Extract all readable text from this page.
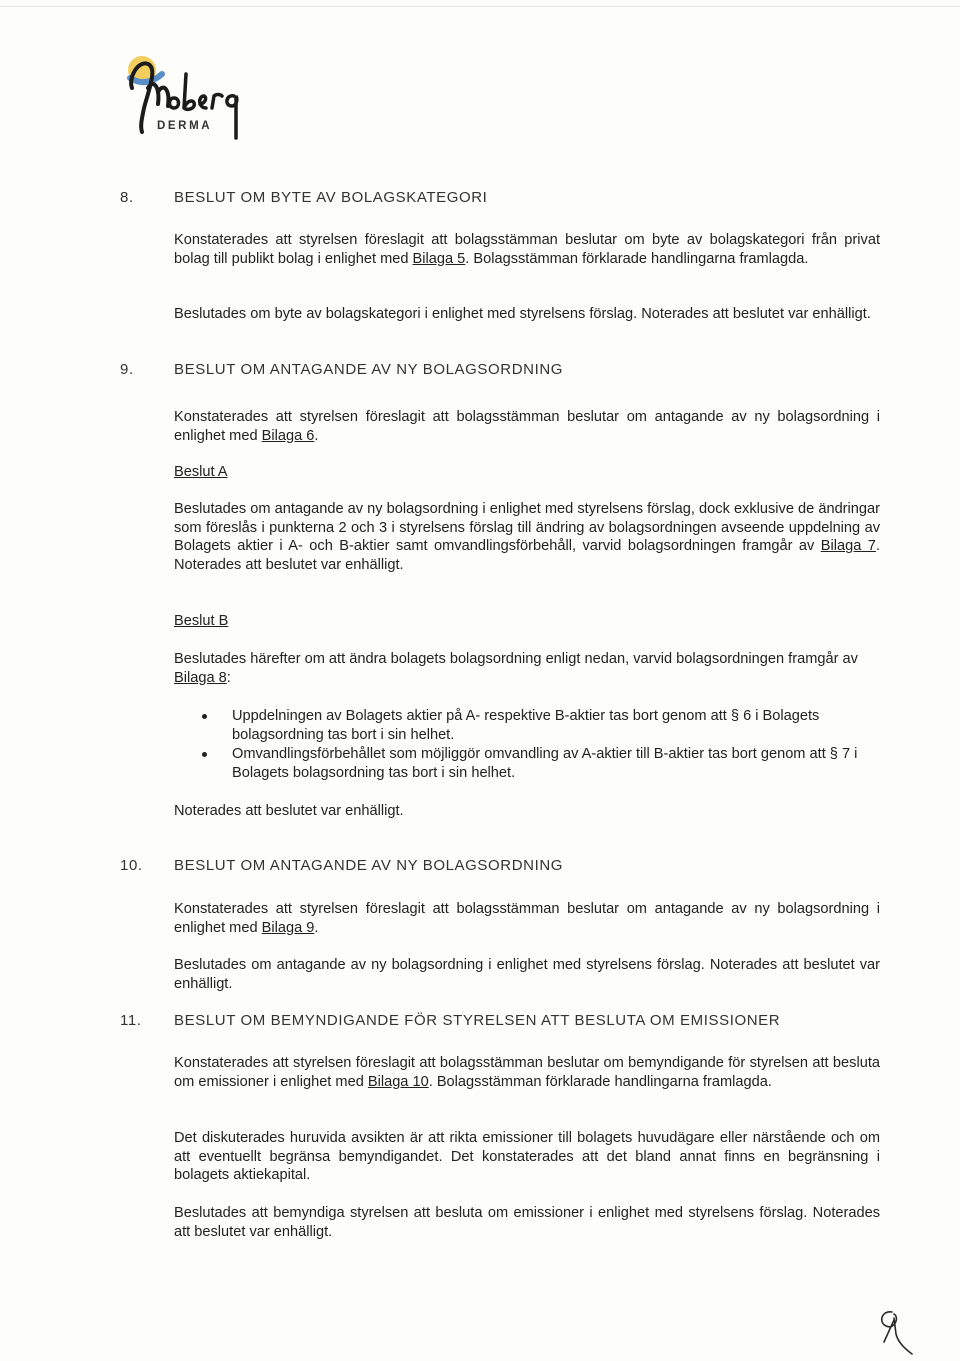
DERMA
8.	BESLUT OM BYTE AV BOLAGSKATEGORI

Konstaterades att styrelsen föreslagit att bolagsstämman beslutar om byte av bolagskategori från privat bolag till publikt bolag i enlighet med Bilaga 5. Bolagsstämman förklarade handlingarna framlagda.

Beslutades om byte av bolagskategori i enlighet med styrelsens förslag. Noterades att beslutet var enhälligt.

9.	BESLUT OM ANTAGANDE AV NY BOLAGSORDNING

Konstaterades att styrelsen föreslagit att bolagsstämman beslutar om antagande av ny bolagsordning i enlighet med Bilaga 6.

Beslut A

Beslutades om antagande av ny bolagsordning i enlighet med styrelsens förslag, dock exklusive de ändringar som föreslås i punkterna 2 och 3 i styrelsens förslag till ändring av bolagsordningen avseende uppdelning av Bolagets aktier i A- och B-aktier samt omvandlingsförbehåll, varvid bolagsordningen framgår av Bilaga 7. Noterades att beslutet var enhälligt.

Beslut B

Beslutades härefter om att ändra bolagets bolagsordning enligt nedan, varvid bolagsordningen framgår av Bilaga 8:

Uppdelningen av Bolagets aktier på A- respektive B-aktier tas bort genom att § 6 i Bolagets bolagsordning tas bort i sin helhet.
Omvandlingsförbehållet som möjliggör omvandling av A-aktier till B-aktier tas bort genom att § 7 i Bolagets bolagsordning tas bort i sin helhet.

Noterades att beslutet var enhälligt.

10. BESLUT OM ANTAGANDE AV NY BOLAGSORDNING

Konstaterades att styrelsen föreslagit att bolagsstämman beslutar om antagande av ny bolagsordning i enlighet med Bilaga 9.

Beslutades om antagande av ny bolagsordning i enlighet med styrelsens förslag. Noterades att beslutet var enhälligt.

11. BESLUT OM BEMYNDIGANDE FÖR STYRELSEN ATT BESLUTA OM EMISSIONER

Konstaterades att styrelsen föreslagit att bolagsstämman beslutar om bemyndigande för styrelsen att besluta om emissioner i enlighet med Bilaga 10. Bolagsstämman förklarade handlingarna framlagda.

Det diskuterades huruvida avsikten är att rikta emissioner till bolagets huvudägare eller närstående och om att eventuellt begränsa bemyndigandet. Det konstaterades att det bland annat finns en begränsning i bolagets aktiekapital.

Beslutades att bemyndiga styrelsen att besluta om emissioner i enlighet med styrelsens förslag. Noterades att beslutet var enhälligt.
